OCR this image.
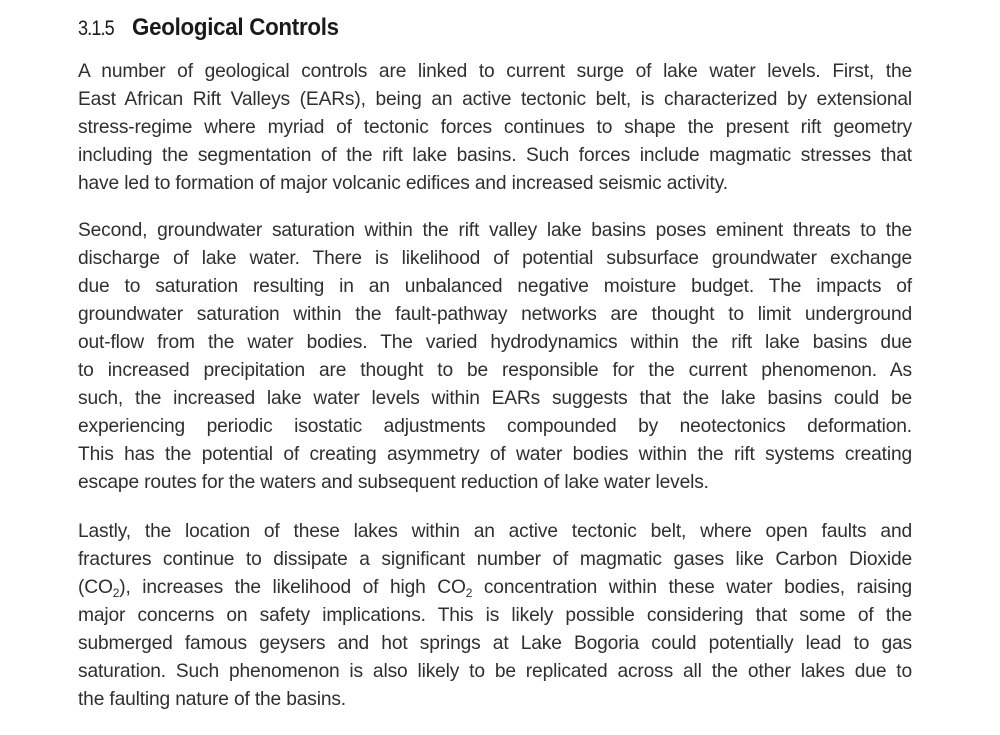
3.1.5 Geological Controls
A number of geological controls are linked to current surge of lake water levels. First, the
East African Rift Valleys (EARs), being an active tectonic belt, is characterized by extensional
stress-regime where myriad of tectonic forces continues to shape the present rift geometry
including the segmentation of the rift lake basins. Such forces include magmatic stresses that
have led to formation of major volcanic edifices and increased seismic activity.
Second, groundwater saturation within the rift valley lake basins poses eminent threats to the
discharge of lake water. There is likelihood of potential subsurface groundwater exchange
due to saturation resulting in an unbalanced negative moisture budget. The impacts of
groundwater saturation within the fault-pathway networks are thought to limit underground
out-flow from the water bodies. The varied hydrodynamics within the rift lake basins due
to increased precipitation are thought to be responsible for the current phenomenon. As
such, the increased lake water levels within EARs suggests that the lake basins could be
experiencing periodic isostatic adjustments compounded by neotectonics deformation.
This has the potential of creating asymmetry of water bodies within the rift systems creating
escape routes for the waters and subsequent reduction of lake water levels.
Lastly, the location of these lakes within an active tectonic belt, where open faults and
fractures continue to dissipate a significant number of magmatic gases like Carbon Dioxide
$(CO_2)$, increases the likelihood of high $CO_2$ concentration within these water bodies, raising
major concerns on safety implications. This is likely possible considering that some of the
submerged famous geysers and hot springs at Lake Bogoria could potentially lead to gas
saturation. Such phenomenon is also likely to be replicated across all the other lakes due to
the faulting nature of the basins.
